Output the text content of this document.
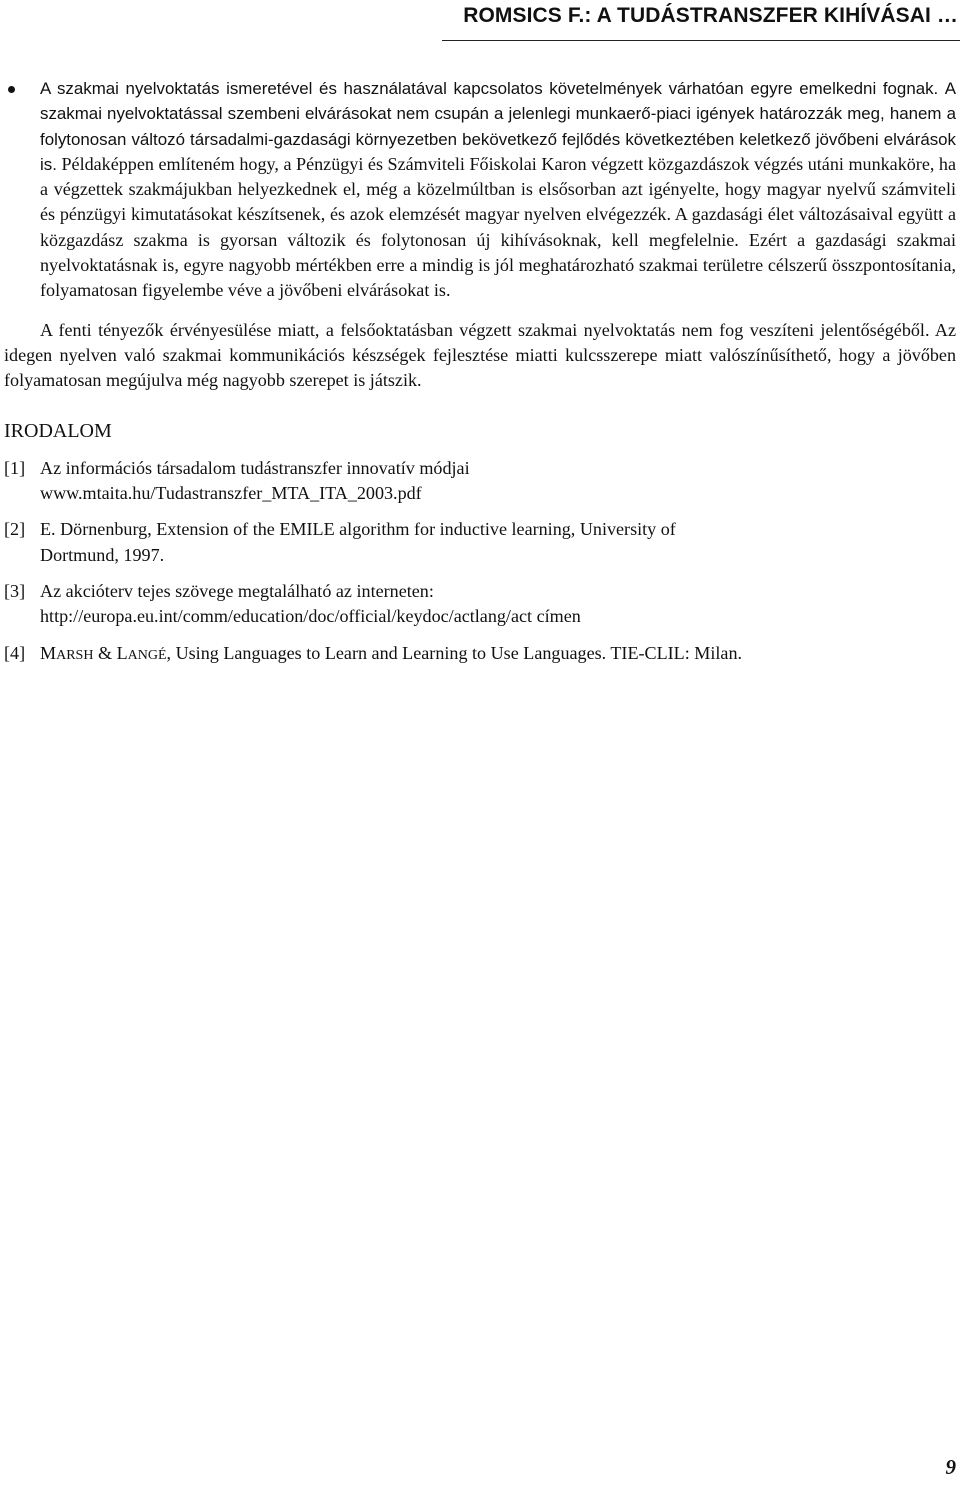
ROMSICS F.: A TUDÁSTRANSZFER KIHÍVÁSAI …
A szakmai nyelvoktatás ismeretével és használatával kapcsolatos követelmények várhatóan egyre emelkedni fognak. A szakmai nyelvoktatással szembeni elvárásokat nem csupán a jelenlegi munkaerő-piaci igények határozzák meg, hanem a folytonosan változó társadalmi-gazdasági környezetben bekövetkező fejlődés következtében keletkező jövőbeni elvárások is. Példaképpen említeném hogy, a Pénzügyi és Számviteli Főiskolai Karon végzett közgazdászok végzés utáni munkaköre, ha a végzettek szakmájukban helyezkednek el, még a közelmúltban is elsősorban azt igényelte, hogy magyar nyelvű számviteli és pénzügyi kimutatásokat készítsenek, és azok elemzését magyar nyelven elvégezzék. A gazdasági élet változásaival együtt a közgazdász szakma is gyorsan változik és folytonosan új kihívásoknak, kell megfelelnie. Ezért a gazdasági szakmai nyelvoktatásnak is, egyre nagyobb mértékben erre a mindig is jól meghatározható szakmai területre célszerű összpontosítania, folyamatosan figyelembe véve a jövőbeni elvárásokat is.

A fenti tényezők érvényesülése miatt, a felsőoktatásban végzett szakmai nyelvoktatás nem fog veszíteni jelentőségéből. Az idegen nyelven való szakmai kommunikációs készségek fejlesztése miatti kulcsszerepe miatt valószínűsíthető, hogy a jövőben folyamatosan megújulva még nagyobb szerepet is játszik.

IRODALOM
[1] Az információs társadalom tudástranszfer innovatív módjai
www.mtaita.hu/Tudastranszfer_MTA_ITA_2003.pdf
[2] E. Dörnenburg, Extension of the EMILE algorithm for inductive learning, University of
Dortmund, 1997.
[3] Az akcióterv tejes szövege megtalálható az interneten:
http://europa.eu.int/comm/education/doc/official/keydoc/actlang/act címen
[4] MARSH & LANGÉ, Using Languages to Learn and Learning to Use Languages. TIE-CLIL: Milan.
9
